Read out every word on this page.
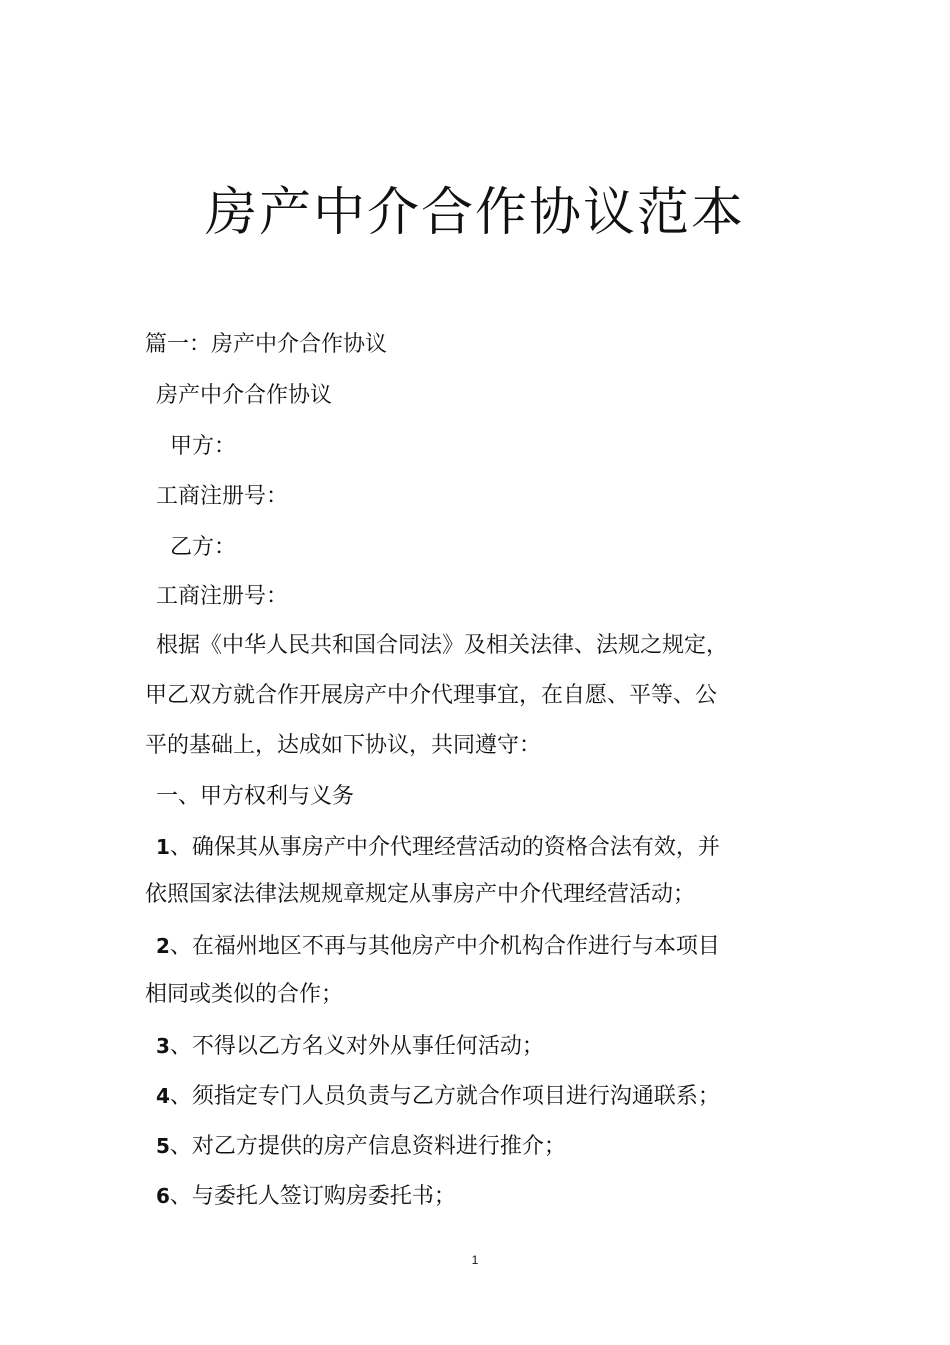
房产中介合作协议范本

篇一：房产中介合作协议

房产中介合作协议

甲方：

工商注册号：

乙方：

工商注册号：

根据《中华人民共和国合同法》及相关法律、法规之规定，

甲乙双方就合作开展房产中介代理事宜，在自愿、平等、公

平的基础上，达成如下协议，共同遵守：

一、甲方权利与义务

1、确保其从事房产中介代理经营活动的资格合法有效，并

依照国家法律法规规章规定从事房产中介代理经营活动；

2、在福州地区不再与其他房产中介机构合作进行与本项目

相同或类似的合作；

3、不得以乙方名义对外从事任何活动；

4、须指定专门人员负责与乙方就合作项目进行沟通联系；

5、对乙方提供的房产信息资料进行推介；

6、与委托人签订购房委托书；

1
